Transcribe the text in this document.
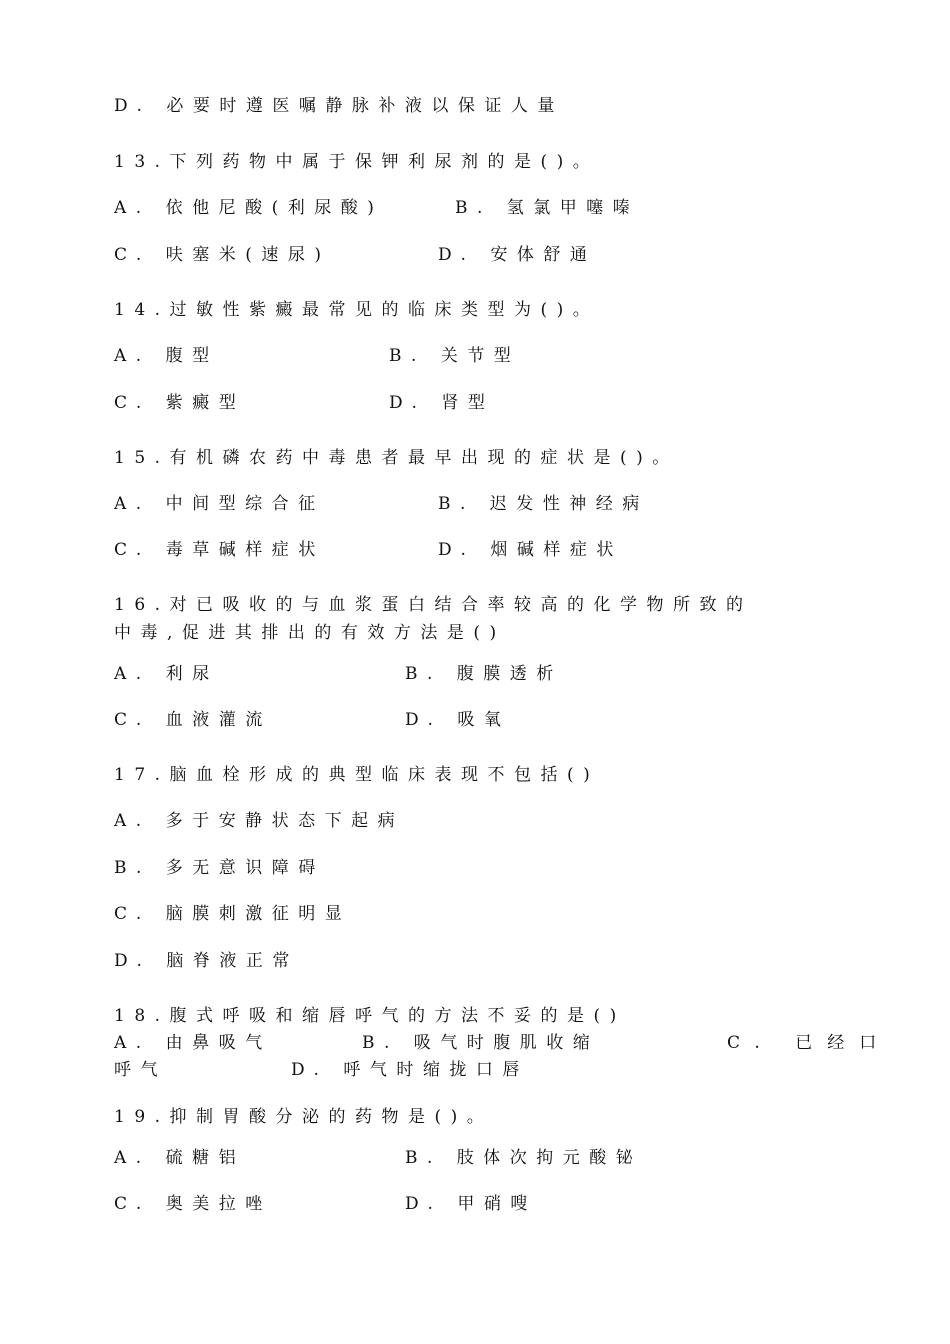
D. 必要时遵医嘱静脉补液以保证人量
13.下列药物中属于保钾利尿剂的是()。
A. 依他尼酸(利尿酸)	B. 氢氯甲噻嗪
C. 呋塞米(速尿)	D. 安体舒通
14.过敏性紫癜最常见的临床类型为()。
A. 腹型	B. 关节型
C. 紫癜型	D. 肾型
15.有机磷农药中毒患者最早出现的症状是()。
A. 中间型综合征	B. 迟发性神经病
C. 毒草碱样症状	D. 烟碱样症状
16.对已吸收的与血浆蛋白结合率较高的化学物所致的
中毒,促进其排出的有效方法是()
A. 利尿	B. 腹膜透析
C. 血液灌流	D. 吸氧
17.脑血栓形成的典型临床表现不包括()
A. 多于安静状态下起病
B. 多无意识障碍
C. 脑膜刺激征明显
D. 脑脊液正常
18.腹式呼吸和缩唇呼气的方法不妥的是()
A. 由鼻吸气	B. 吸气时腹肌收缩	C. 已经口
呼气	D. 呼气时缩拢口唇
19.抑制胃酸分泌的药物是()。
A. 硫糖铝	B. 肢体次拘元酸铋
C. 奥美拉唑	D. 甲硝嗖
